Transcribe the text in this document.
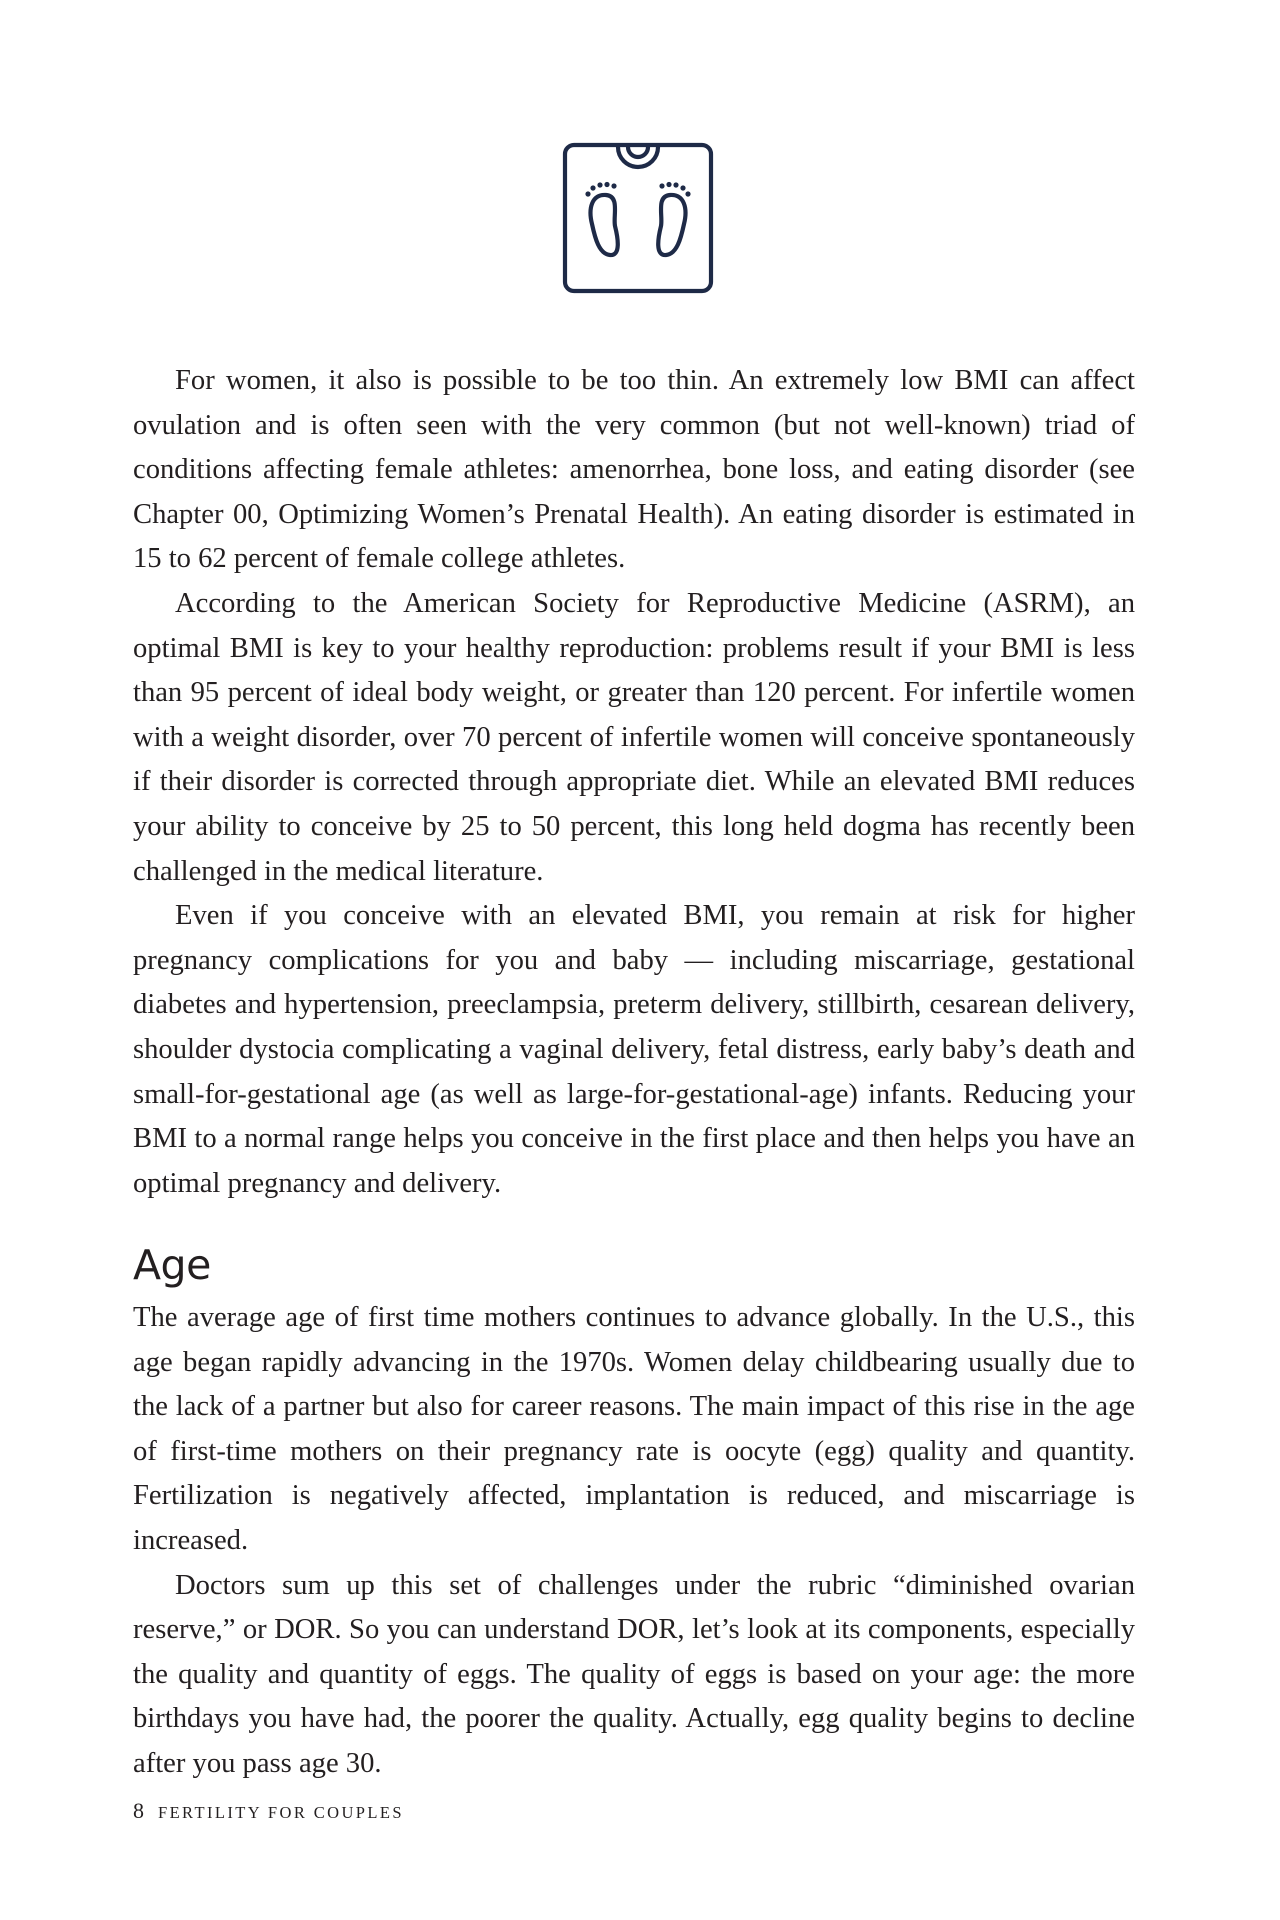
For women, it also is possible to be too thin. An extremely low BMI can affect ovulation and is often seen with the very common (but not well-known) triad of conditions affecting female athletes: amenorrhea, bone loss, and eating disorder (see Chapter 00, Optimizing Women’s Prenatal Health). An eating disorder is estimated in 15 to 62 percent of female college athletes.

According to the American Society for Reproductive Medicine (ASRM), an optimal BMI is key to your healthy reproduction: problems result if your BMI is less than 95 percent of ideal body weight, or greater than 120 percent. For infertile women with a weight disorder, over 70 percent of infertile women will conceive spontaneously if their disorder is corrected through appropriate diet. While an elevated BMI reduces your ability to conceive by 25 to 50 percent, this long held dogma has recently been challenged in the medical literature.

Even if you conceive with an elevated BMI, you remain at risk for higher pregnancy complications for you and baby — including miscarriage, gestational diabetes and hypertension, preeclampsia, preterm delivery, stillbirth, cesarean delivery, shoulder dystocia complicating a vaginal delivery, fetal distress, early baby’s death and small-for-gestational age (as well as large-for-gestational-age) infants. Reducing your BMI to a normal range helps you conceive in the first place and then helps you have an optimal pregnancy and delivery.

Age

The average age of first time mothers continues to advance globally. In the U.S., this age began rapidly advancing in the 1970s. Women delay childbearing usually due to the lack of a partner but also for career reasons. The main impact of this rise in the age of first-time mothers on their pregnancy rate is oocyte (egg) quality and quantity. Fertilization is negatively affected, implantation is reduced, and miscarriage is increased.

Doctors sum up this set of challenges under the rubric “diminished ovarian reserve,” or DOR. So you can understand DOR, let’s look at its components, especially the quality and quantity of eggs. The quality of eggs is based on your age: the more birthdays you have had, the poorer the quality. Actually, egg quality begins to decline after you pass age 30.

8 FERTILITY FOR COUPLES
